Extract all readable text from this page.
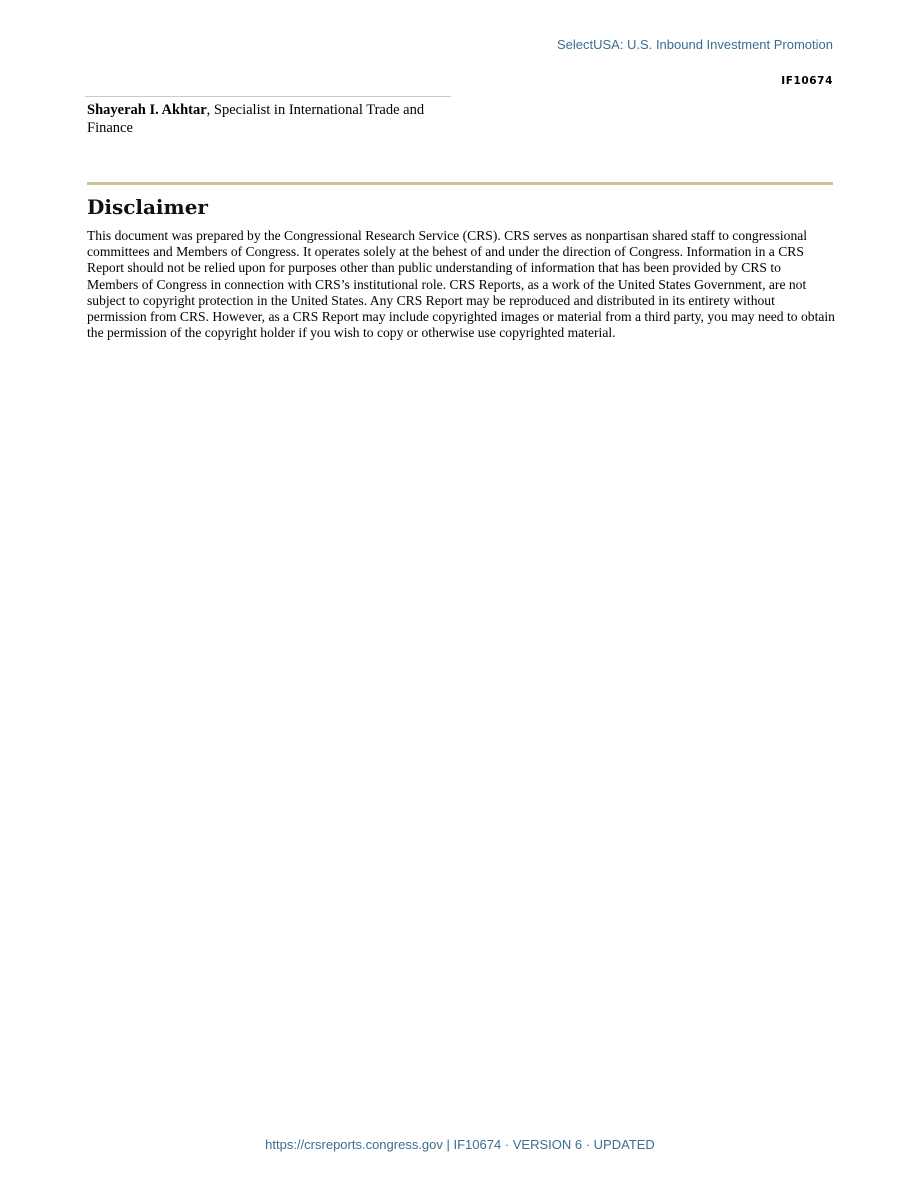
SelectUSA: U.S. Inbound Investment Promotion
IF10674
Shayerah I. Akhtar, Specialist in International Trade and Finance
Disclaimer

This document was prepared by the Congressional Research Service (CRS). CRS serves as nonpartisan shared staff to congressional committees and Members of Congress. It operates solely at the behest of and under the direction of Congress. Information in a CRS Report should not be relied upon for purposes other than public understanding of information that has been provided by CRS to Members of Congress in connection with CRS’s institutional role. CRS Reports, as a work of the United States Government, are not subject to copyright protection in the United States. Any CRS Report may be reproduced and distributed in its entirety without permission from CRS. However, as a CRS Report may include copyrighted images or material from a third party, you may need to obtain the permission of the copyright holder if you wish to copy or otherwise use copyrighted material.

https://crsreports.congress.gov | IF10674 · VERSION 6 · UPDATED
